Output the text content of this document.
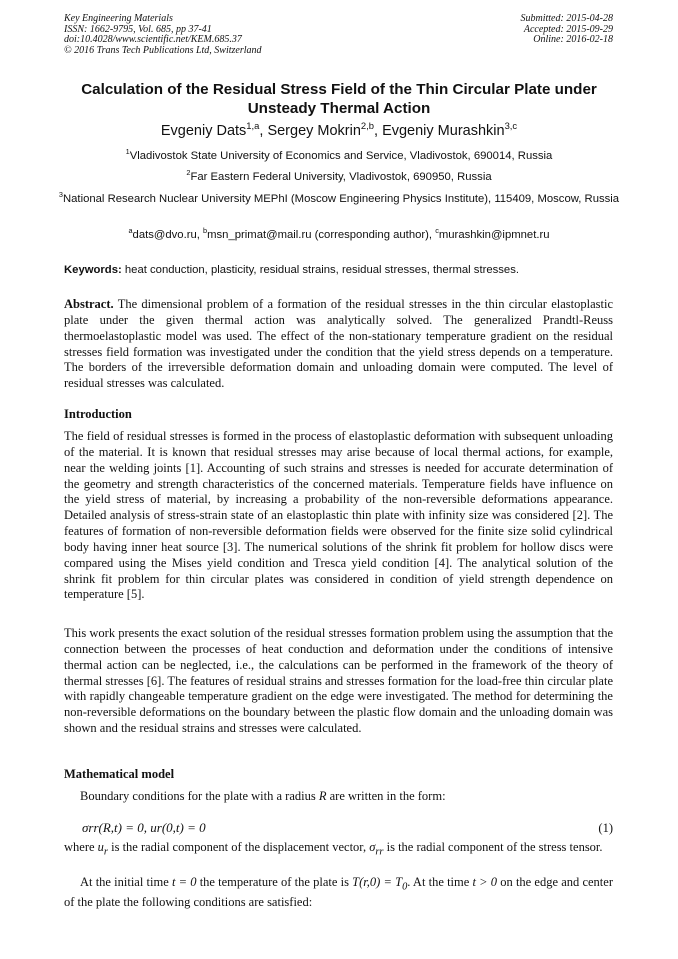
Key Engineering Materials
ISSN: 1662-9795, Vol. 685, pp 37-41
doi:10.4028/www.scientific.net/KEM.685.37
© 2016 Trans Tech Publications Ltd, Switzerland
Submitted: 2015-04-28
Accepted: 2015-09-29
Online: 2016-02-18
Calculation of the Residual Stress Field of the Thin Circular Plate under Unsteady Thermal Action
Evgeniy Dats$^{1,a}$, Sergey Mokrin$^{2,b}$, Evgeniy Murashkin$^{3,c}$
$^1$Vladivostok State University of Economics and Service, Vladivostok, 690014, Russia
$^2$Far Eastern Federal University, Vladivostok, 690950, Russia
$^3$National Research Nuclear University MEPhI (Moscow Engineering Physics Institute), 115409, Moscow, Russia
$^a$dats@dvo.ru, $^b$msn_primat@mail.ru (corresponding author), $^c$murashkin@ipmnet.ru
Keywords: heat conduction, plasticity, residual strains, residual stresses, thermal stresses.
Abstract. The dimensional problem of a formation of the residual stresses in the thin circular elastoplastic plate under the given thermal action was analytically solved. The generalized Prandtl-Reuss thermoelastoplastic model was used. The effect of the non-stationary temperature gradient on the residual stresses field formation was investigated under the condition that the yield stress depends on a temperature. The borders of the irreversible deformation domain and unloading domain were computed. The level of residual stresses was calculated.
Introduction
The field of residual stresses is formed in the process of elastoplastic deformation with subsequent unloading of the material. It is known that residual stresses may arise because of local thermal actions, for example, near the welding joints [1]. Accounting of such strains and stresses is needed for accurate determination of the geometry and strength characteristics of the concerned materials. Temperature fields have influence on the yield stress of material, by increasing a probability of the non-reversible deformations appearance. Detailed analysis of stress-strain state of an elastoplastic thin plate with infinity size was considered [2]. The features of formation of non-reversible deformation fields were observed for the finite size solid cylindrical body having inner heat source [3]. The numerical solutions of the shrink fit problem for hollow discs were compared using the Mises yield condition and Tresca yield condition [4]. The analytical solution of the shrink fit problem for thin circular plates was considered in condition of yield strength dependence on temperature [5].
This work presents the exact solution of the residual stresses formation problem using the assumption that the connection between the processes of heat conduction and deformation under the conditions of intensive thermal action can be neglected, i.e., the calculations can be performed in the framework of the theory of thermal stresses [6]. The features of residual strains and stresses formation for the load-free thin circular plate with rapidly changeable temperature gradient on the edge were investigated. The method for determining the non-reversible deformations on the boundary between the plastic flow domain and the unloading domain was shown and the residual strains and stresses were calculated.
Mathematical model
Boundary conditions for the plate with a radius R are written in the form:
σrr(R,t) = 0, ur(0,t) = 0	(1)
where $u_r$ is the radial component of the displacement vector, $\sigma_{rr}$ is the radial component of the stress tensor.
At the initial time t = 0 the temperature of the plate is $T(r,0) = T_0$. At the time t > 0 on the edge and center of the plate the following conditions are satisfied:
